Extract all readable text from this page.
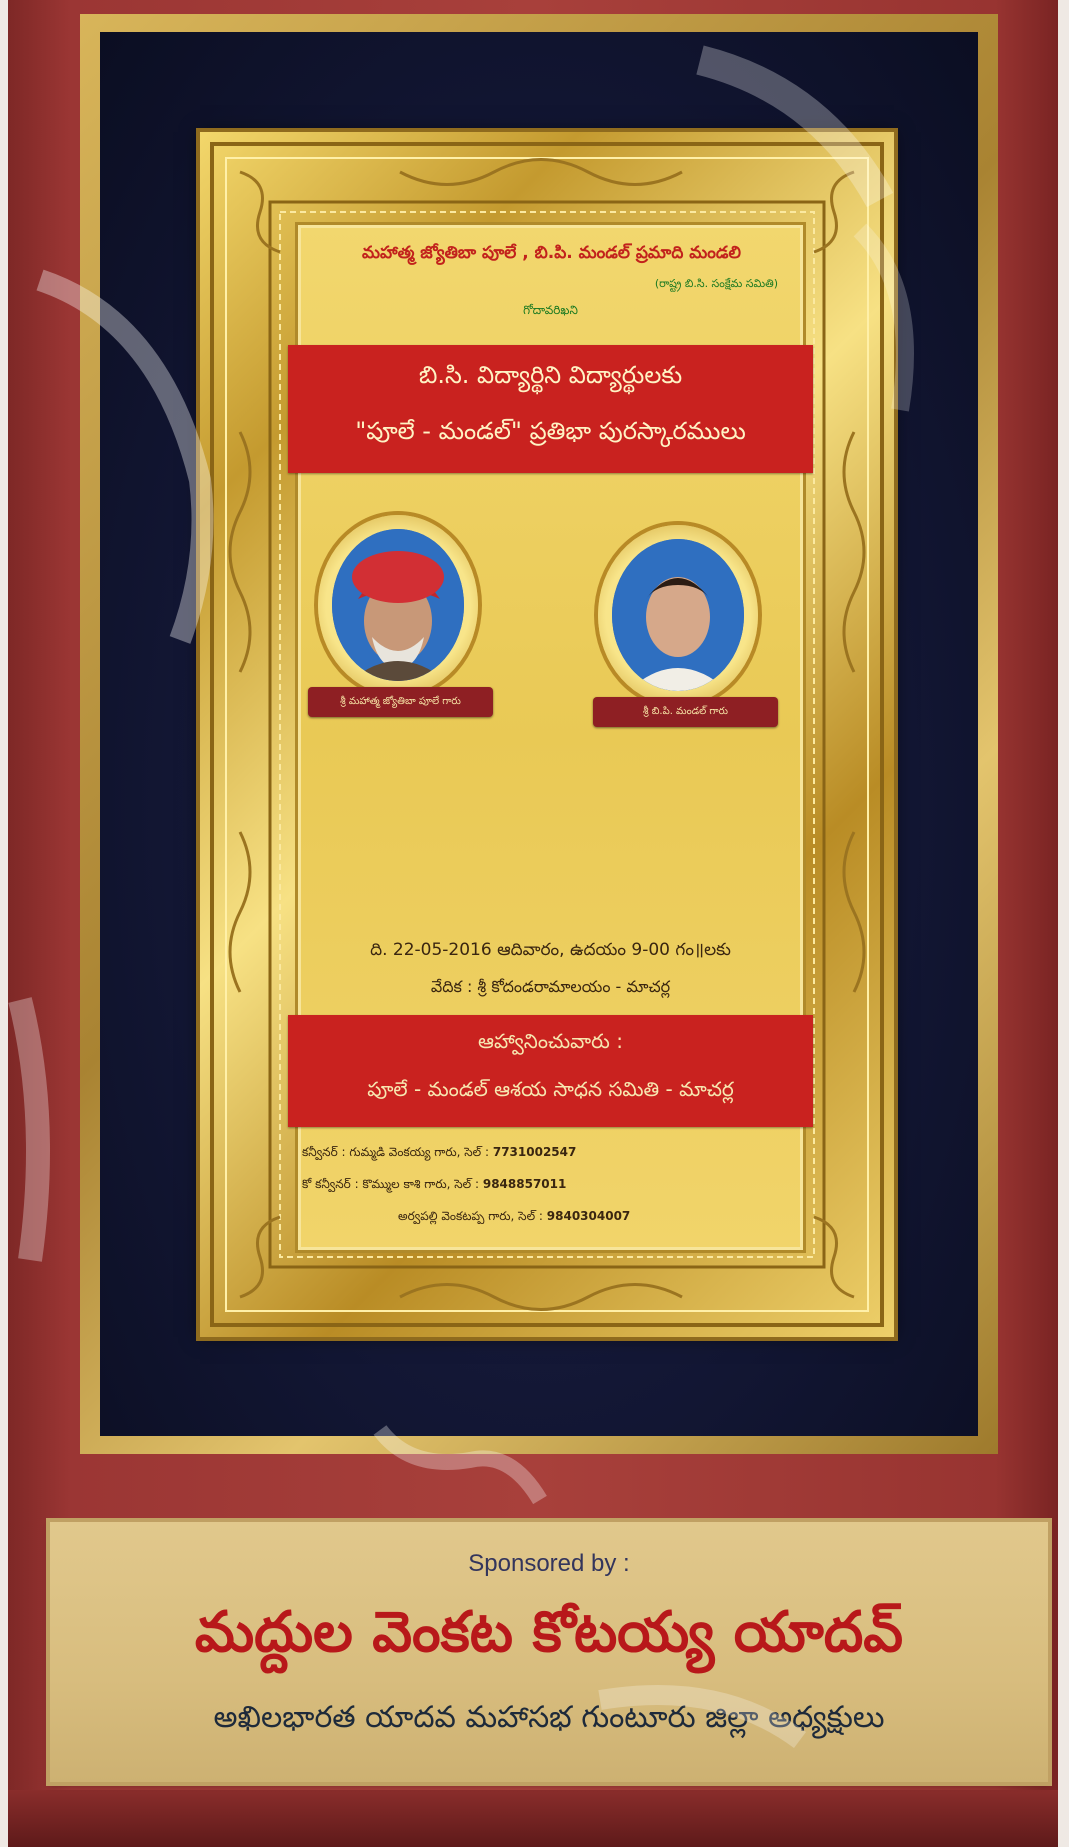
మహాత్మ జ్యోతిబా పూలే , బి.పి. మండల్ ప్రమాది మండలి
(రాష్ట్ర బి.సి. సంక్షేమ సమితి)
గోదావరిఖని
బి.సి. విద్యార్థిని విద్యార్థులకు
"పూలే - మండల్" ప్రతిభా పురస్కారములు
శ్రీ మహాత్మ జ్యోతిబా పూలే గారు
శ్రీ బి.పి. మండల్ గారు
ది. 22-05-2016 ఆదివారం, ఉదయం 9-00 గం॥లకు
వేదిక : శ్రీ కోదండరామాలయం - మాచర్ల
ఆహ్వానించువారు :
పూలే - మండల్ ఆశయ సాధన సమితి - మాచర్ల
కన్వీనర్ : గుమ్మడి వెంకయ్య గారు, సెల్ : 7731002547
కో కన్వీనర్ : కొమ్ముల కాశి గారు, సెల్ : 9848857011
అర్వపల్లి వెంకటప్ప గారు, సెల్ : 9840304007
Sponsored by :
మద్దుల వెంకట కోటయ్య యాదవ్
అఖిలభారత యాదవ మహాసభ గుంటూరు జిల్లా అధ్యక్షులు
